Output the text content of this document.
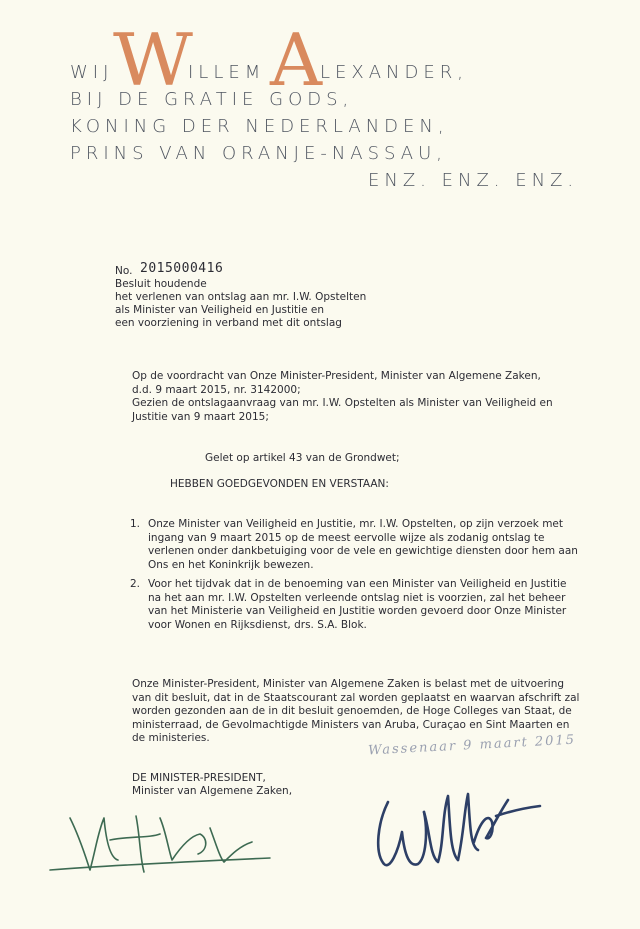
W A
WIJ	ILLEM	LEXANDER,
BIJ DE GRATIE GODS,
KONING DER NEDERLANDEN,
PRINS VAN ORANJE-NASSAU,
ENZ. ENZ. ENZ.
No. 2015000416
Besluit houdende
het verlenen van ontslag aan mr. I.W. Opstelten
als Minister van Veiligheid en Justitie en
een voorziening in verband met dit ontslag
Op de voordracht van Onze Minister-President, Minister van Algemene Zaken,
d.d. 9 maart 2015, nr. 3142000;
Gezien de ontslagaanvraag van mr. I.W. Opstelten als Minister van Veiligheid en
Justitie van 9 maart 2015;
Gelet op artikel 43 van de Grondwet;
HEBBEN GOEDGEVONDEN EN VERSTAAN:
1. Onze Minister van Veiligheid en Justitie, mr. I.W. Opstelten, op zijn verzoek met
ingang van 9 maart 2015 op de meest eervolle wijze als zodanig ontslag te
verlenen onder dankbetuiging voor de vele en gewichtige diensten door hem aan
Ons en het Koninkrijk bewezen.
2. Voor het tijdvak dat in de benoeming van een Minister van Veiligheid en Justitie
na het aan mr. I.W. Opstelten verleende ontslag niet is voorzien, zal het beheer
van het Ministerie van Veiligheid en Justitie worden gevoerd door Onze Minister
voor Wonen en Rijksdienst, drs. S.A. Blok.
Onze Minister-President, Minister van Algemene Zaken is belast met de uitvoering
van dit besluit, dat in de Staatscourant zal worden geplaatst en waarvan afschrift zal
worden gezonden aan de in dit besluit genoemden, de Hoge Colleges van Staat, de
ministerraad, de Gevolmachtigde Ministers van Aruba, Curaçao en Sint Maarten en
de ministeries.	Wassenaar 9 maart 2015
DE MINISTER-PRESIDENT,
Minister van Algemene Zaken,
